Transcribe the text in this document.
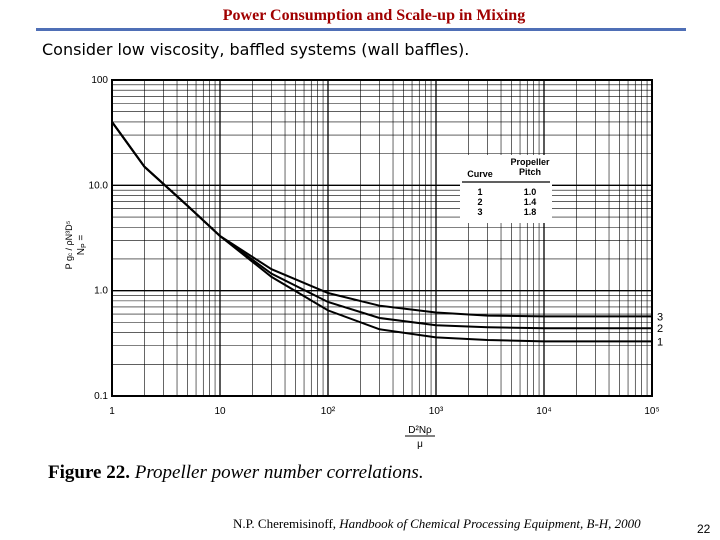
Power Consumption and Scale-up in Mixing
Consider low viscosity, baffled systems (wall baffles).
1	10	10²	10³	10⁴	10⁵
0.1
1.0
10.0
100
1
2
3
$N_P$ =
P gc / ρN³D⁵
D²Nρ
μ
Curve
Propeller
Pitch
1	1.0
2	1.4
3	1.8
Figure 22. Propeller power number correlations.
N.P. Cheremisinoff, Handbook of Chemical Processing Equipment, B-H, 2000	22
